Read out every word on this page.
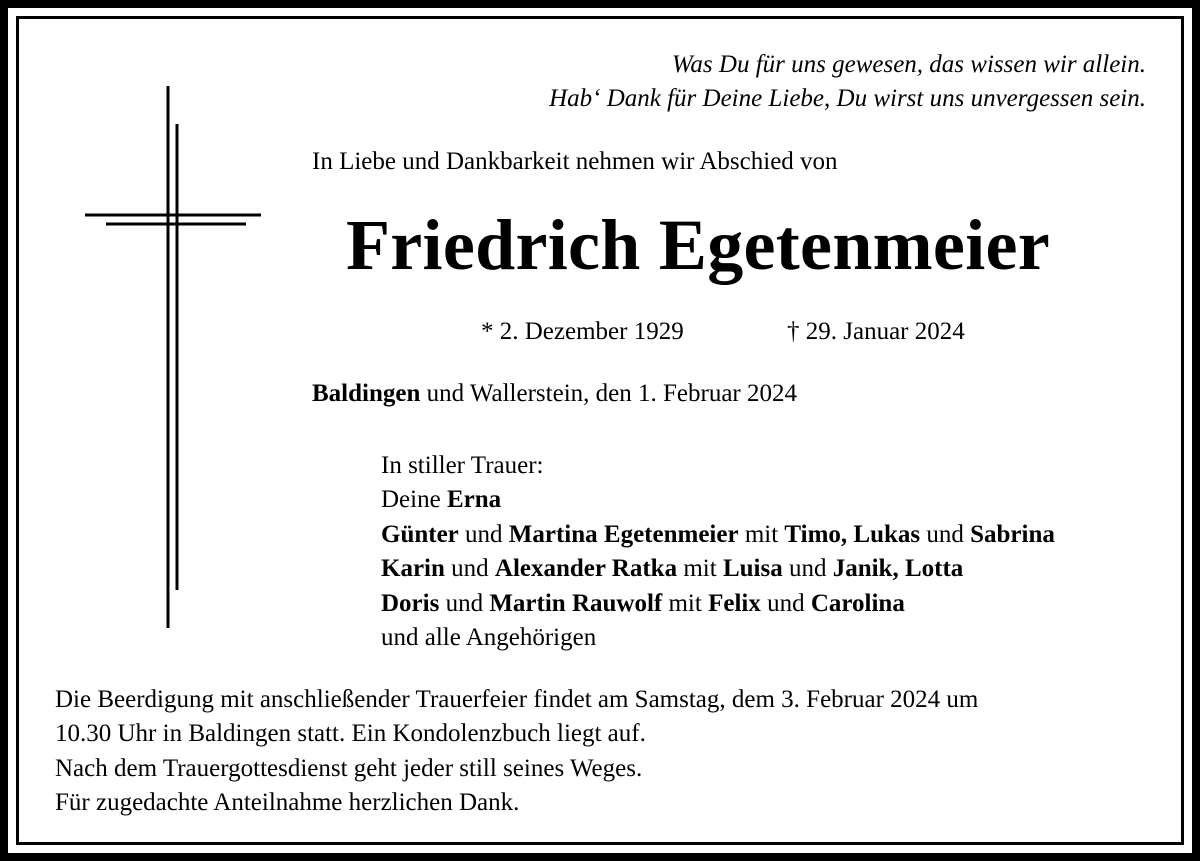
Was Du für uns gewesen, das wissen wir allein.
Hab‘ Dank für Deine Liebe, Du wirst uns unvergessen sein.
In Liebe und Dankbarkeit nehmen wir Abschied von
Friedrich Egetenmeier
* 2. Dezember 1929	† 29. Januar 2024
Baldingen und Wallerstein, den 1. Februar 2024
In stiller Trauer:
Deine Erna
Günter und Martina Egetenmeier mit Timo, Lukas und Sabrina
Karin und Alexander Ratka mit Luisa und Janik, Lotta
Doris und Martin Rauwolf mit Felix und Carolina
und alle Angehörigen
Die Beerdigung mit anschließender Trauerfeier findet am Samstag, dem 3. Februar 2024 um
10.30 Uhr in Baldingen statt. Ein Kondolenzbuch liegt auf.
Nach dem Trauergottesdienst geht jeder still seines Weges.
Für zugedachte Anteilnahme herzlichen Dank.
